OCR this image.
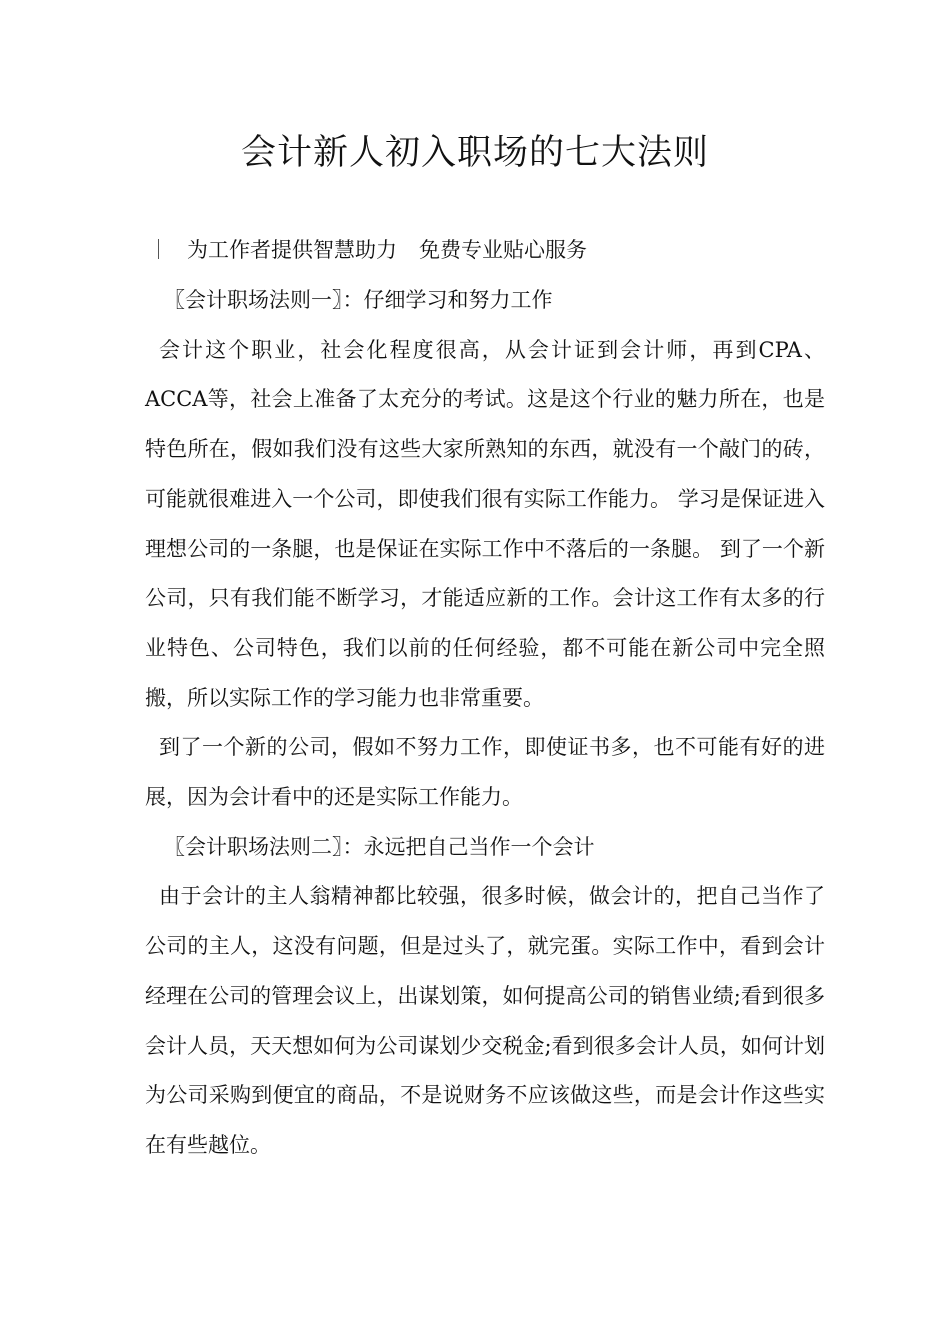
会计新人初入职场的七大法则
为工作者提供智慧助力 免费专业贴心服务

〖会计职场法则一〗：仔细学习和努力工作

会计这个职业，社会化程度很高，从会计证到会计师，再到CPA、ACCA等，社会上准备了太充分的考试。这是这个行业的魅力所在，也是特色所在，假如我们没有这些大家所熟知的东西，就没有一个敲门的砖，可能就很难进入一个公司，即使我们很有实际工作能力。 学习是保证进入理想公司的一条腿，也是保证在实际工作中不落后的一条腿。 到了一个新公司，只有我们能不断学习，才能适应新的工作。会计这工作有太多的行业特色、公司特色，我们以前的任何经验，都不可能在新公司中完全照搬，所以实际工作的学习能力也非常重要。

到了一个新的公司，假如不努力工作，即使证书多，也不可能有好的进展，因为会计看中的还是实际工作能力。

〖会计职场法则二〗：永远把自己当作一个会计

由于会计的主人翁精神都比较强，很多时候，做会计的，把自己当作了公司的主人，这没有问题，但是过头了，就完蛋。实际工作中，看到会计经理在公司的管理会议上，出谋划策，如何提高公司的销售业绩;看到很多会计人员，天天想如何为公司谋划少交税金;看到很多会计人员，如何计划为公司采购到便宜的商品，不是说财务不应该做这些，而是会计作这些实在有些越位。
